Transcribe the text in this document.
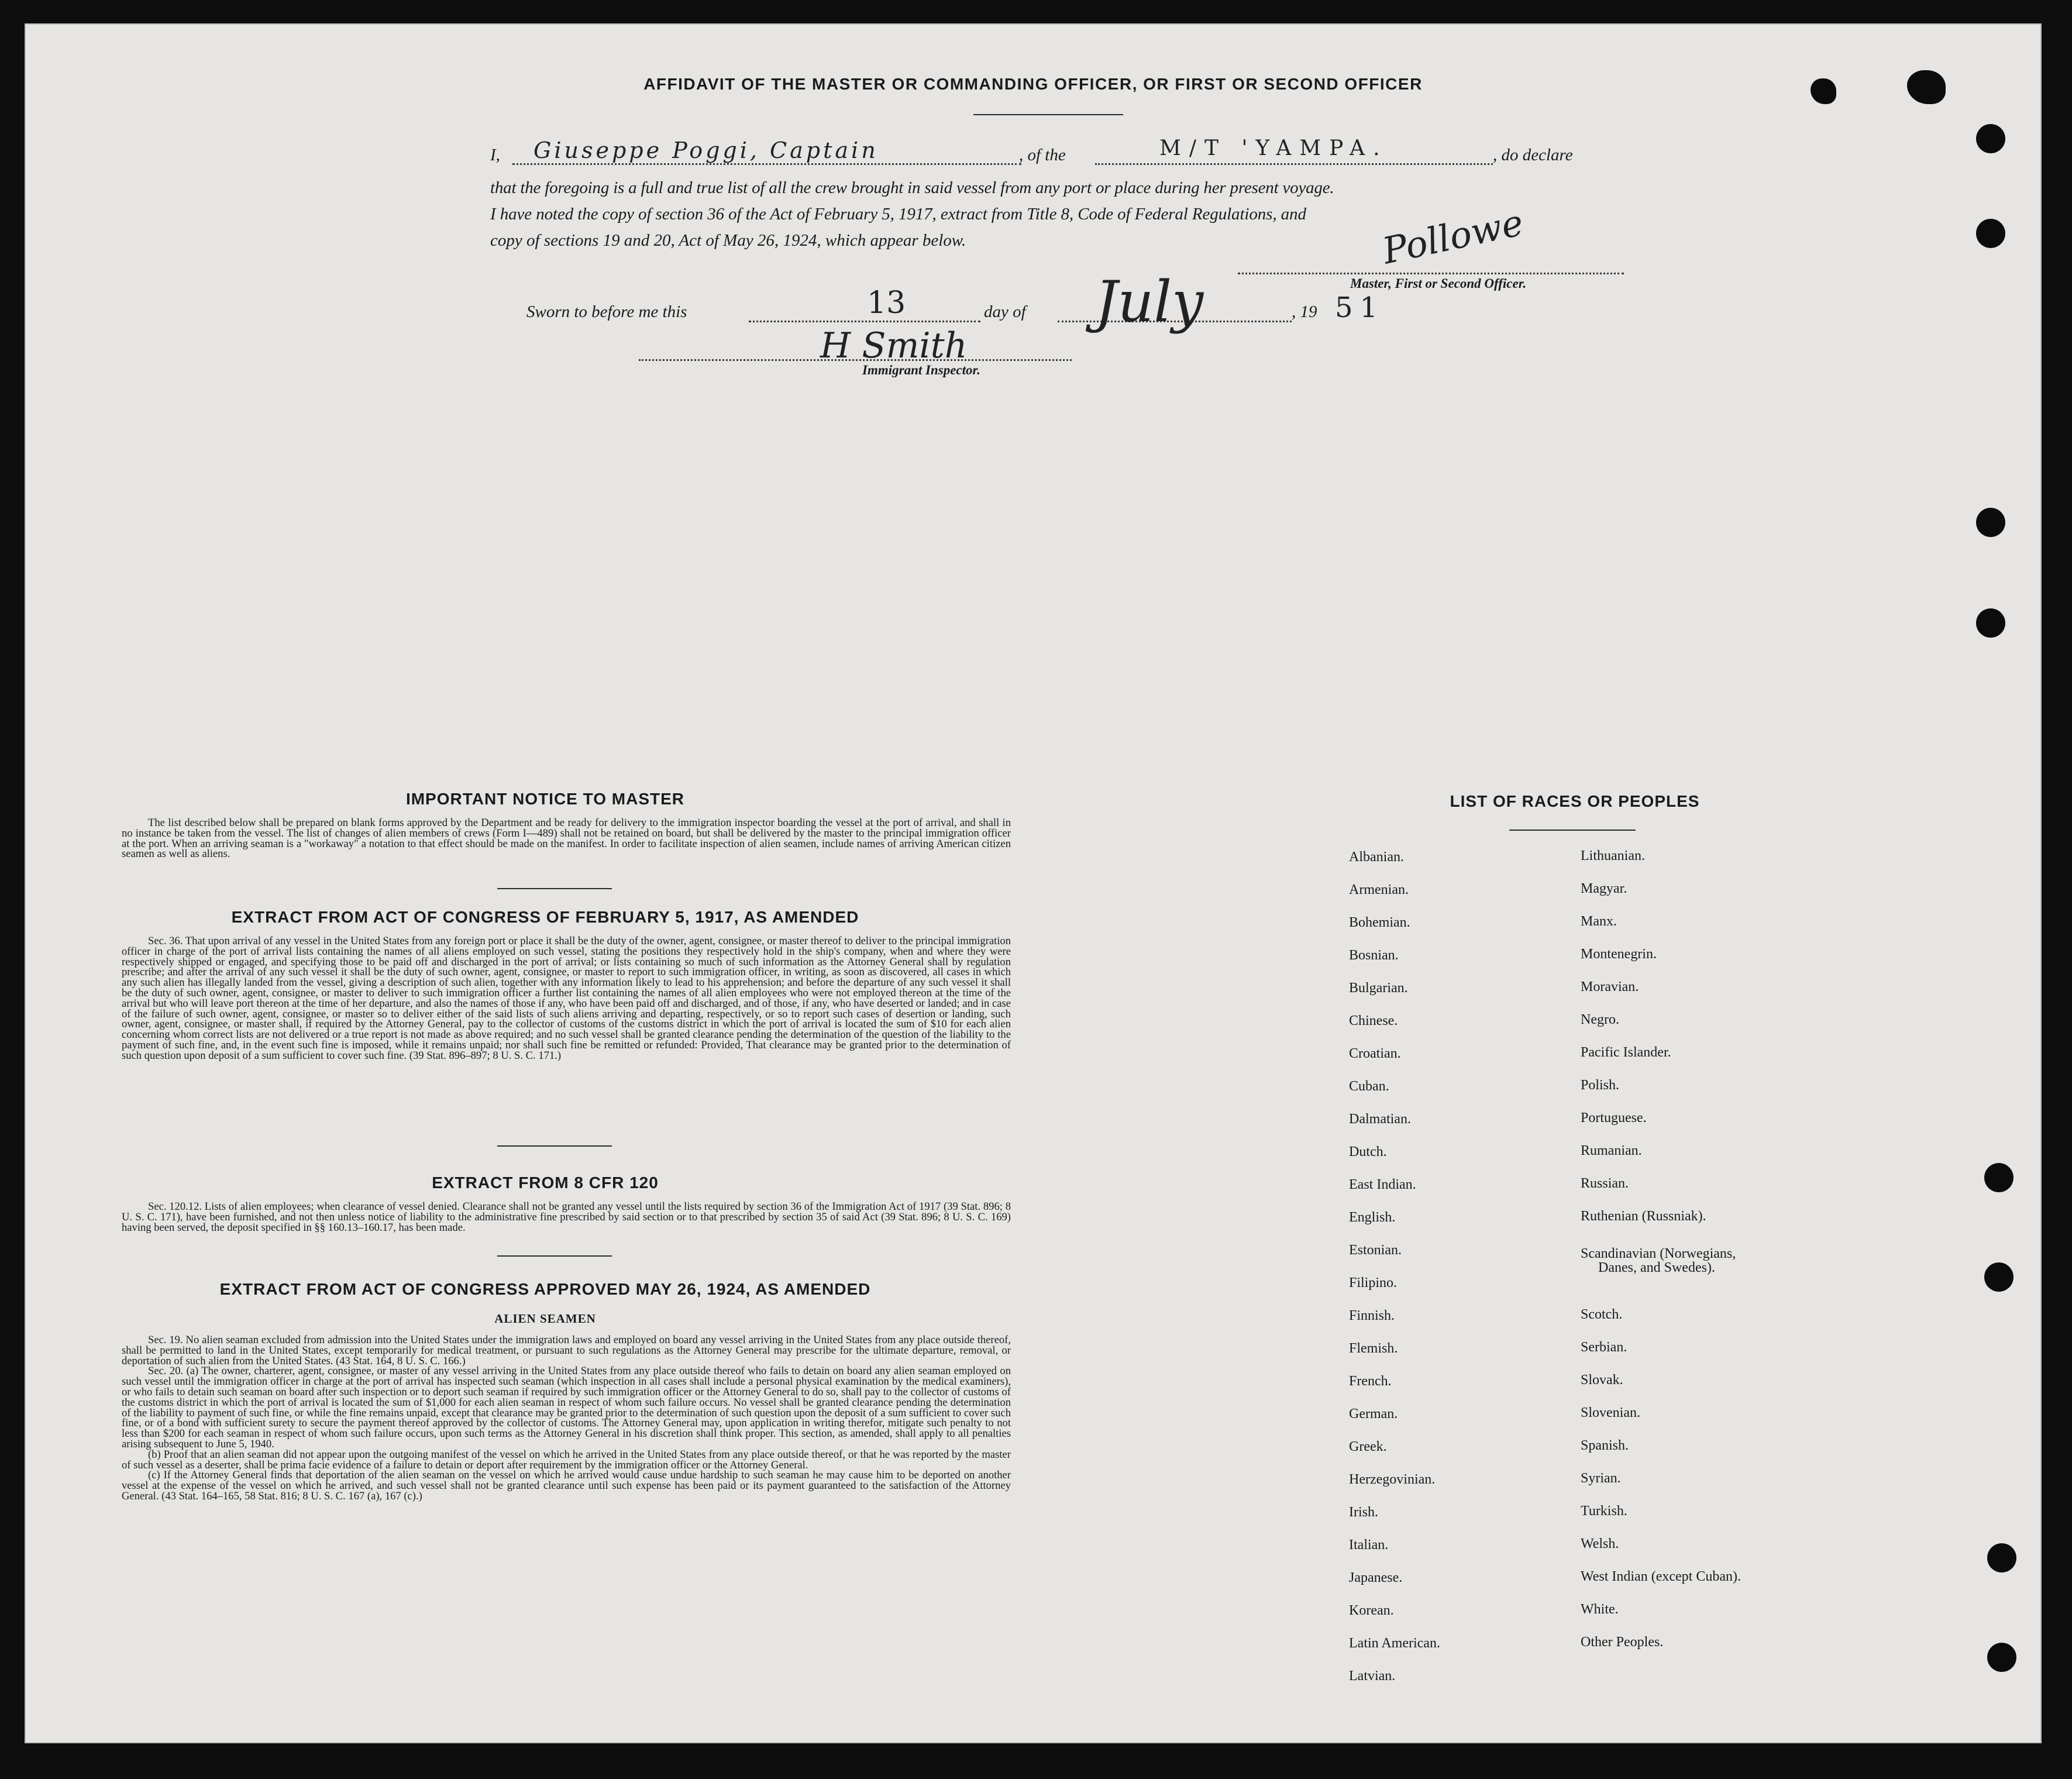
AFFIDAVIT OF THE MASTER OR COMMANDING OFFICER, OR FIRST OR SECOND OFFICER
I, Giuseppe Poggi, Captain	, of the	M/T 'YAMPA.	, do declare
that the foregoing is a full and true list of all the crew brought in said vessel from any port or place during her present voyage.
I have noted the copy of section 36 of the Act of February 5, 1917, extract from Title 8, Code of Federal Regulations, and
copy of sections 19 and 20, Act of May 26, 1924, which appear below.	Pollowe
Master, First or Second Officer.
Sworn to before me this	13	day of July	, 19 51
H Smith
Immigrant Inspector.
IMPORTANT NOTICE TO MASTER

The list described below shall be prepared on blank forms approved by the Department and be ready for delivery to the immigration inspector boarding the vessel at the port of arrival, and shall in no instance be taken from the vessel. The list of changes of alien members of crews (Form I—489) shall not be retained on board, but shall be delivered by the master to the principal immigration officer at the port. When an arriving seaman is a "workaway" a notation to that effect should be made on the manifest. In order to facilitate inspection of alien seamen, include names of arriving American citizen seamen as well as aliens.

EXTRACT FROM ACT OF CONGRESS OF FEBRUARY 5, 1917, AS AMENDED

Sec. 36. That upon arrival of any vessel in the United States from any foreign port or place it shall be the duty of the owner, agent, consignee, or master thereof to deliver to the principal immigration officer in charge of the port of arrival lists containing the names of all aliens employed on such vessel, stating the positions they respectively hold in the ship's company, when and where they were respectively shipped or engaged, and specifying those to be paid off and discharged in the port of arrival; or lists containing so much of such information as the Attorney General shall by regulation prescribe; and after the arrival of any such vessel it shall be the duty of such owner, agent, consignee, or master to report to such immigration officer, in writing, as soon as discovered, all cases in which any such alien has illegally landed from the vessel, giving a description of such alien, together with any information likely to lead to his apprehension; and before the departure of any such vessel it shall be the duty of such owner, agent, consignee, or master to deliver to such immigration officer a further list containing the names of all alien employees who were not employed thereon at the time of the arrival but who will leave port thereon at the time of her departure, and also the names of those if any, who have been paid off and discharged, and of those, if any, who have deserted or landed; and in case of the failure of such owner, agent, consignee, or master so to deliver either of the said lists of such aliens arriving and departing, respectively, or so to report such cases of desertion or landing, such owner, agent, consignee, or master shall, if required by the Attorney General, pay to the collector of customs of the customs district in which the port of arrival is located the sum of $10 for each alien concerning whom correct lists are not delivered or a true report is not made as above required; and no such vessel shall be granted clearance pending the determination of the question of the liability to the payment of such fine, and, in the event such fine is imposed, while it remains unpaid; nor shall such fine be remitted or refunded: Provided, That clearance may be granted prior to the determination of such question upon deposit of a sum sufficient to cover such fine. (39 Stat. 896–897; 8 U. S. C. 171.)

EXTRACT FROM 8 CFR 120

Sec. 120.12. Lists of alien employees; when clearance of vessel denied. Clearance shall not be granted any vessel until the lists required by section 36 of the Immigration Act of 1917 (39 Stat. 896; 8 U. S. C. 171), have been furnished, and not then unless notice of liability to the administrative fine prescribed by said section or to that prescribed by section 35 of said Act (39 Stat. 896; 8 U. S. C. 169) having been served, the deposit specified in §§ 160.13–160.17, has been made.

EXTRACT FROM ACT OF CONGRESS APPROVED MAY 26, 1924, AS AMENDED
ALIEN SEAMEN

Sec. 19. No alien seaman excluded from admission into the United States under the immigration laws and employed on board any vessel arriving in the United States from any place outside thereof, shall be permitted to land in the United States, except temporarily for medical treatment, or pursuant to such regulations as the Attorney General may prescribe for the ultimate departure, removal, or deportation of such alien from the United States. (43 Stat. 164, 8 U. S. C. 166.)

Sec. 20. (a) The owner, charterer, agent, consignee, or master of any vessel arriving in the United States from any place outside thereof who fails to detain on board any alien seaman employed on such vessel until the immigration officer in charge at the port of arrival has inspected such seaman (which inspection in all cases shall include a personal physical examination by the medical examiners), or who fails to detain such seaman on board after such inspection or to deport such seaman if required by such immigration officer or the Attorney General to do so, shall pay to the collector of customs of the customs district in which the port of arrival is located the sum of $1,000 for each alien seaman in respect of whom such failure occurs. No vessel shall be granted clearance pending the determination of the liability to payment of such fine, or while the fine remains unpaid, except that clearance may be granted prior to the determination of such question upon the deposit of a sum sufficient to cover such fine, or of a bond with sufficient surety to secure the payment thereof approved by the collector of customs. The Attorney General may, upon application in writing therefor, mitigate such penalty to not less than $200 for each seaman in respect of whom such failure occurs, upon such terms as the Attorney General in his discretion shall think proper. This section, as amended, shall apply to all penalties arising subsequent to June 5, 1940.

(b) Proof that an alien seaman did not appear upon the outgoing manifest of the vessel on which he arrived in the United States from any place outside thereof, or that he was reported by the master of such vessel as a deserter, shall be prima facie evidence of a failure to detain or deport after requirement by the immigration officer or the Attorney General.

(c) If the Attorney General finds that deportation of the alien seaman on the vessel on which he arrived would cause undue hardship to such seaman he may cause him to be deported on another vessel at the expense of the vessel on which he arrived, and such vessel shall not be granted clearance until such expense has been paid or its payment guaranteed to the satisfaction of the Attorney General. (43 Stat. 164–165, 58 Stat. 816; 8 U. S. C. 167 (a), 167 (c).)

LIST OF RACES OR PEOPLES
Albanian.
Armenian.
Bohemian.
Bosnian.
Bulgarian.
Chinese.
Croatian.
Cuban.
Dalmatian.
Dutch.
East Indian.
English.
Estonian.
Filipino.
Finnish.
Flemish.
French.
German.
Greek.
Herzegovinian.
Irish.
Italian.
Japanese.
Korean.
Latin American.
Latvian.
Lithuanian.
Magyar.
Manx.
Montenegrin.
Moravian.
Negro.
Pacific Islander.
Polish.
Portuguese.
Rumanian.
Russian.
Ruthenian (Russniak).
Scandinavian (Norwegians,
Danes, and Swedes).
Scotch.
Serbian.
Slovak.
Slovenian.
Spanish.
Syrian.
Turkish.
Welsh.
West Indian (except Cuban).
White.
Other Peoples.
